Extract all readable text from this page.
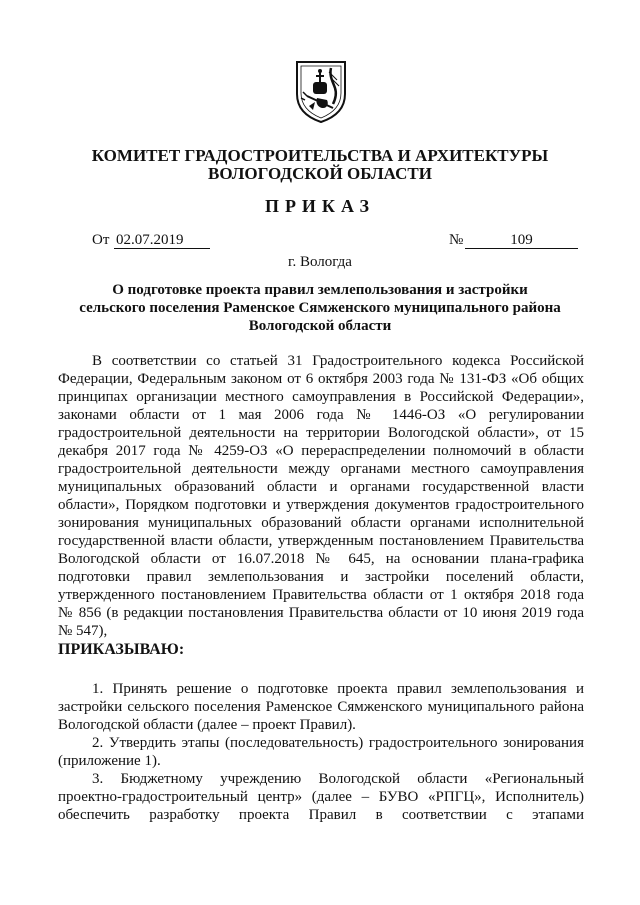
КОМИТЕТ ГРАДОСТРОИТЕЛЬСТВА И АРХИТЕКТУРЫ
ВОЛОГОДСКОЙ ОБЛАСТИ
ПРИКАЗ
От 02.07.2019	№	109
г. Вологда
О подготовке проекта правил землепользования и застройки
сельского поселения Раменское Сямженского муниципального района
Вологодской области
В соответствии со статьей 31 Градостроительного кодекса Российской
Федерации, Федеральным законом от 6 октября 2003 года № 131-ФЗ «Об общих
принципах организации местного самоуправления в Российской Федерации»,
законами области от 1 мая 2006 года № 1446-ОЗ «О регулировании
градостроительной деятельности на территории Вологодской области», от 15
декабря 2017 года № 4259-ОЗ «О перераспределении полномочий в области
градостроительной деятельности между органами местного самоуправления
муниципальных образований области и органами государственной власти
области», Порядком подготовки и утверждения документов градостроительного
зонирования муниципальных образований области органами исполнительной
государственной власти области, утвержденным постановлением Правительства
Вологодской области от 16.07.2018 № 645, на основании плана-графика
подготовки правил землепользования и застройки поселений области,
утвержденного постановлением Правительства области от 1 октября 2018 года
№ 856 (в редакции постановления Правительства области от 10 июня 2019 года
№ 547),
ПРИКАЗЫВАЮ:
1. Принять решение о подготовке проекта правил землепользования и
застройки сельского поселения Раменское Сямженского муниципального района
Вологодской области (далее – проект Правил).
2. Утвердить этапы (последовательность) градостроительного зонирования
(приложение 1).
3. Бюджетному учреждению Вологодской области «Региональный
проектно-градостроительный центр» (далее – БУВО «РПГЦ», Исполнитель)
обеспечить разработку проекта Правил в соответствии с этапами
